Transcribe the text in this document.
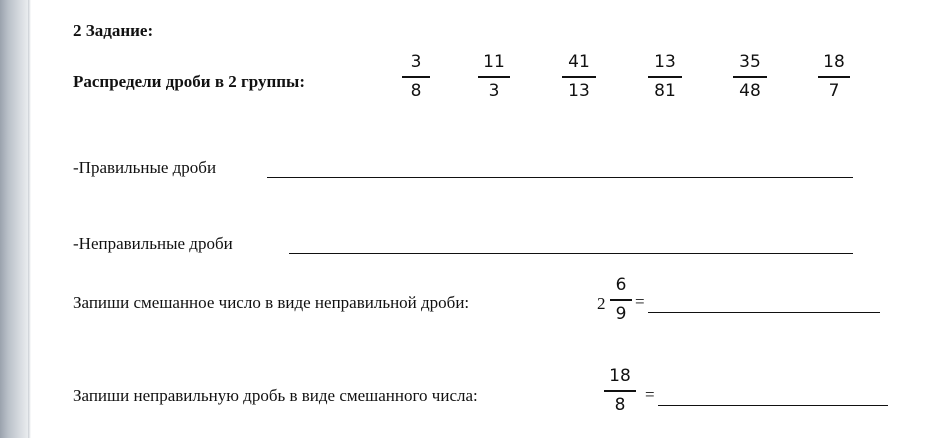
2 Задание:
Распредели дроби в 2 группы:
3
8
11
3
41
13
13
81
35
48
18
7
-Правильные дроби
-Неправильные дроби
Запиши смешанное число в виде неправильной дроби:	2
6
9
=
Запиши неправильную дробь в виде смешанного числа:
18
8 =
